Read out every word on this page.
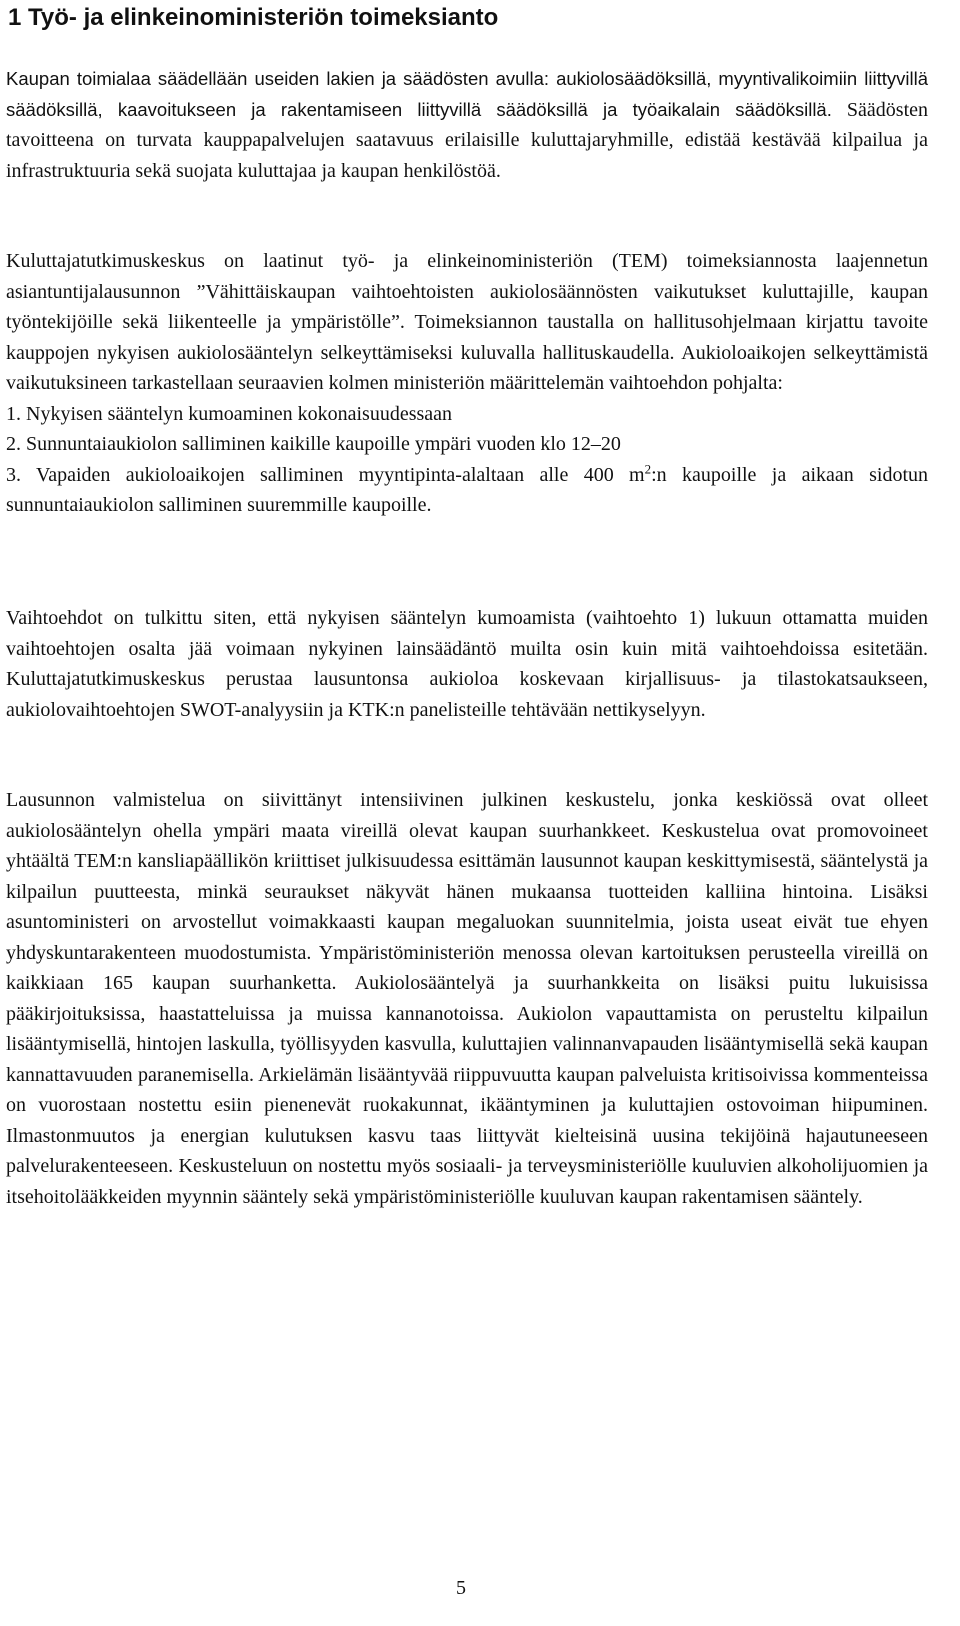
1 Työ- ja elinkeinoministeriön toimeksianto

Kaupan toimialaa säädellään useiden lakien ja säädösten avulla: aukiolosäädöksillä, myyntivalikoimiin liittyvillä säädöksillä, kaavoitukseen ja rakentamiseen liittyvillä säädöksillä ja työaikalain säädöksillä. Säädösten tavoitteena on turvata kauppapalvelujen saatavuus erilaisille kuluttajaryhmille, edistää kestävää kilpailua ja infrastruktuuria sekä suojata kuluttajaa ja kaupan henkilöstöä.

Kuluttajatutkimuskeskus on laatinut työ- ja elinkeinoministeriön (TEM) toimeksiannosta laajennetun asiantuntijalausunnon ”Vähittäiskaupan vaihtoehtoisten aukiolosäännösten vaikutukset kuluttajille, kaupan työntekijöille sekä liikenteelle ja ympäristölle”. Toimeksiannon taustalla on hallitusohjelmaan kirjattu tavoite kauppojen nykyisen aukiolosääntelyn selkeyttämiseksi kuluvalla hallituskaudella. Aukioloaikojen selkeyttämistä vaikutuksineen tarkastellaan seuraavien kolmen ministeriön määrittelemän vaihtoehdon pohjalta:
1. Nykyisen sääntelyn kumoaminen kokonaisuudessaan
2. Sunnuntaiaukiolon salliminen kaikille kaupoille ympäri vuoden klo 12–20
3. Vapaiden aukioloaikojen salliminen myyntipinta-alaltaan alle 400 $m^2:n$ kaupoille ja aikaan sidotun sunnuntaiaukiolon salliminen suuremmille kaupoille.

Vaihtoehdot on tulkittu siten, että nykyisen sääntelyn kumoamista (vaihtoehto 1) lukuun ottamatta muiden vaihtoehtojen osalta jää voimaan nykyinen lainsäädäntö muilta osin kuin mitä vaihtoehdoissa esitetään. Kuluttajatutkimuskeskus perustaa lausuntonsa aukioloa koskevaan kirjallisuus- ja tilastokatsaukseen, aukiolovaihtoehtojen SWOT-analyysiin ja KTK:n panelisteille tehtävään nettikyselyyn.

Lausunnon valmistelua on siivittänyt intensiivinen julkinen keskustelu, jonka keskiössä ovat olleet aukiolosääntelyn ohella ympäri maata vireillä olevat kaupan suurhankkeet. Keskustelua ovat promovoineet yhtäältä TEM:n kansliapäällikön kriittiset julkisuudessa esittämän lausunnot kaupan keskittymisestä, sääntelystä ja kilpailun puutteesta, minkä seuraukset näkyvät hänen mukaansa tuotteiden kalliina hintoina. Lisäksi asuntoministeri on arvostellut voimakkaasti kaupan megaluokan suunnitelmia, joista useat eivät tue ehyen yhdyskuntarakenteen muodostumista. Ympäristöministeriön menossa olevan kartoituksen perusteella vireillä on kaikkiaan 165 kaupan suurhanketta. Aukiolosääntelyä ja suurhankkeita on lisäksi puitu lukuisissa pääkirjoituksissa, haastatteluissa ja muissa kannanotoissa. Aukiolon vapauttamista on perusteltu kilpailun lisääntymisellä, hintojen laskulla, työllisyyden kasvulla, kuluttajien valinnanvapauden lisääntymisellä sekä kaupan kannattavuuden paranemisella. Arkielämän lisääntyvää riippuvuutta kaupan palveluista kritisoivissa kommenteissa on vuorostaan nostettu esiin pienenevät ruokakunnat, ikääntyminen ja kuluttajien ostovoiman hiipuminen. Ilmastonmuutos ja energian kulutuksen kasvu taas liittyvät kielteisinä uusina tekijöinä hajautuneeseen palvelurakenteeseen. Keskusteluun on nostettu myös sosiaali- ja terveysministeriölle kuuluvien alkoholijuomien ja itsehoitolääkkeiden myynnin sääntely sekä ympäristöministeriölle kuuluvan kaupan rakentamisen sääntely.

5
